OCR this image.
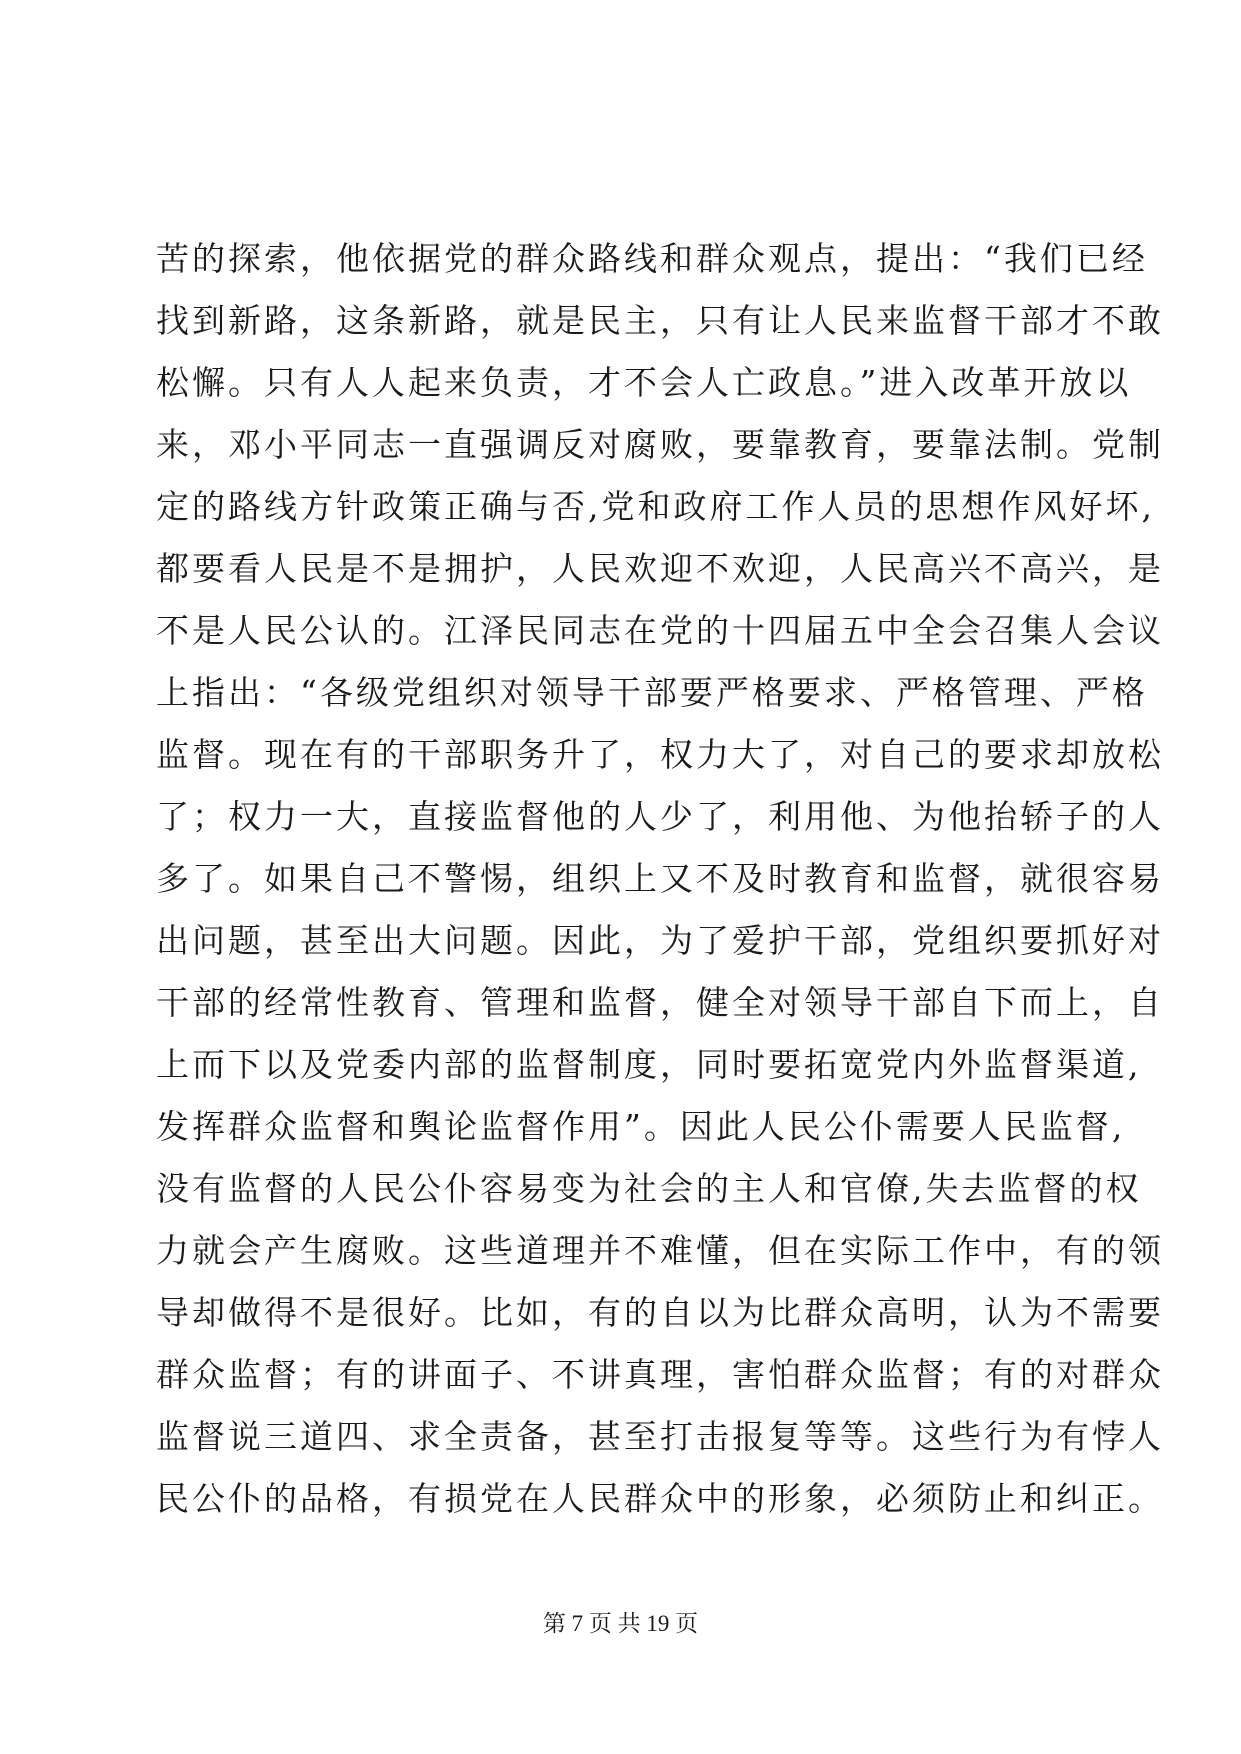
苦的探索，他依据党的群众路线和群众观点，提出：“我们已经
找到新路，这条新路，就是民主，只有让人民来监督干部才不敢
松懈。只有人人起来负责，才不会人亡政息。”进入改革开放以
来，邓小平同志一直强调反对腐败，要靠教育，要靠法制。党制
定的路线方针政策正确与否,党和政府工作人员的思想作风好坏,
都要看人民是不是拥护，人民欢迎不欢迎，人民高兴不高兴，是
不是人民公认的。江泽民同志在党的十四届五中全会召集人会议
上指出：“各级党组织对领导干部要严格要求、严格管理、严格
监督。现在有的干部职务升了，权力大了，对自己的要求却放松
了；权力一大，直接监督他的人少了，利用他、为他抬轿子的人
多了。如果自己不警惕，组织上又不及时教育和监督，就很容易
出问题，甚至出大问题。因此，为了爱护干部，党组织要抓好对
干部的经常性教育、管理和监督，健全对领导干部自下而上，自
上而下以及党委内部的监督制度，同时要拓宽党内外监督渠道,
发挥群众监督和舆论监督作用”。因此人民公仆需要人民监督,
没有监督的人民公仆容易变为社会的主人和官僚,失去监督的权
力就会产生腐败。这些道理并不难懂，但在实际工作中，有的领
导却做得不是很好。比如，有的自以为比群众高明，认为不需要
群众监督；有的讲面子、不讲真理，害怕群众监督；有的对群众
监督说三道四、求全责备，甚至打击报复等等。这些行为有悖人
民公仆的品格，有损党在人民群众中的形象，必须防止和纠正。
第 7 页 共 19 页
